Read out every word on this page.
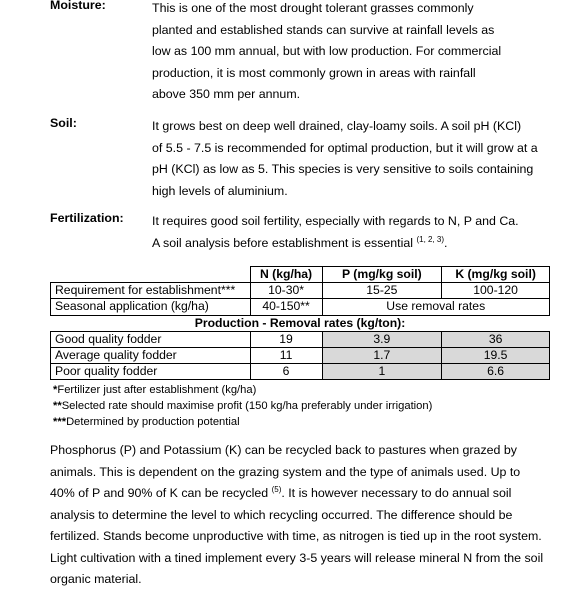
Moisture:	This is one of the most drought tolerant grasses commonly

planted and established stands can survive at rainfall levels as

low as 100 mm annual, but with low production. For commercial

production, it is most commonly grown in areas with rainfall

above 350 mm per annum.

Soil:	It grows best on deep well drained, clay-loamy soils. A soil pH (KCl)

of 5.5 - 7.5 is recommended for optimal production, but it will grow at a

pH (KCl) as low as 5. This species is very sensitive to soils containing

high levels of aluminium.

Fertilization: It requires good soil fertility, especially with regards to N, P and Ca.

A soil analysis before establishment is essential $^{(1, 2, 3)}$.

	N (kg/ha)	P (mg/kg soil)	K (mg/kg soil)
Requirement for establishment***	10-30*	15-25	100-120
Seasonal application (kg/ha)	40-150**	Use removal rates	
Production - Removal rates (kg/ton):			
Good quality fodder	19	3.9	36
Average quality fodder	11	1.7	19.5
Poor quality fodder	6	1	6.6
*Fertilizer just after establishment (kg/ha)
**Selected rate should maximise profit (150 kg/ha preferably under irrigation)
***Determined by production potential
Phosphorus (P) and Potassium (K) can be recycled back to pastures when grazed by animals. This is dependent on the grazing system and the type of animals used. Up to 40% of P and 90% of K can be recycled $^{(5)}$. It is however necessary to do annual soil analysis to determine the level to which recycling occurred. The difference should be fertilized. Stands become unproductive with time, as nitrogen is tied up in the root system. Light cultivation with a tined implement every 3-5 years will release mineral N from the soil organic material.
